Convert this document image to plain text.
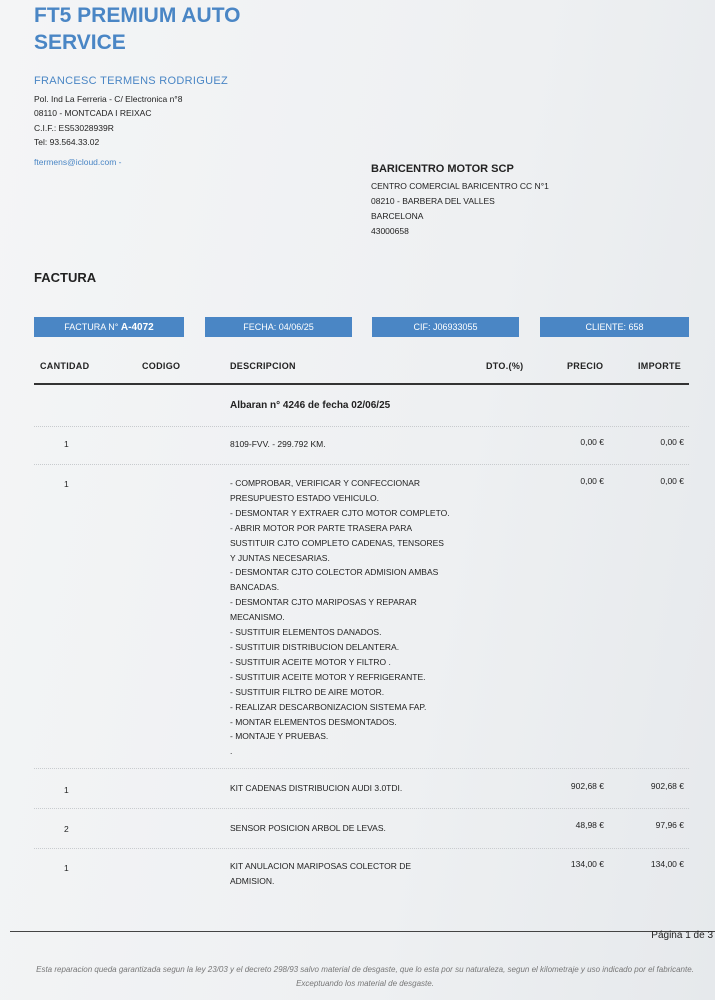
FT5 PREMIUM AUTO SERVICE
FRANCESC TERMENS RODRIGUEZ
Pol. Ind La Ferreria - C/ Electronica n°8
08110 - MONTCADA I REIXAC
C.I.F.: ES53028939R
Tel: 93.564.33.02
ftermens@icloud.com -
BARICENTRO MOTOR SCP
CENTRO COMERCIAL BARICENTRO CC N°1
08210 - BARBERA DEL VALLES
BARCELONA
43000658
FACTURA
FACTURA N° A-4072	FECHA: 04/06/25	CIF: J06933055	CLIENTE: 658
CANTIDAD	CODIGO	DESCRIPCION	DTO.(%)	PRECIO	IMPORTE
Albaran n° 4246 de fecha 02/06/25
1	8109-FVV. - 299.792 KM.	0,00 €	0,00 €
1	- COMPROBAR, VERIFICAR Y CONFECCIONAR
PRESUPUESTO ESTADO VEHICULO.
- DESMONTAR Y EXTRAER CJTO MOTOR COMPLETO.
- ABRIR MOTOR POR PARTE TRASERA PARA
SUSTITUIR CJTO COMPLETO CADENAS, TENSORES
Y JUNTAS NECESARIAS.
- DESMONTAR CJTO COLECTOR ADMISION AMBAS
BANCADAS.
- DESMONTAR CJTO MARIPOSAS Y REPARAR
MECANISMO.
- SUSTITUIR ELEMENTOS DANADOS.
- SUSTITUIR DISTRIBUCION DELANTERA.
- SUSTITUIR ACEITE MOTOR Y FILTRO .
- SUSTITUIR ACEITE MOTOR Y REFRIGERANTE.
- SUSTITUIR FILTRO DE AIRE MOTOR.
- REALIZAR DESCARBONIZACION SISTEMA FAP.
- MONTAR ELEMENTOS DESMONTADOS.
- MONTAJE Y PRUEBAS.
.
0,00 €	0,00 €
1	KIT CADENAS DISTRIBUCION AUDI 3.0TDI.	902,68 €	902,68 €
2	SENSOR POSICION ARBOL DE LEVAS.	48,98 €	97,96 €
1	KIT ANULACION MARIPOSAS COLECTOR DE
ADMISION.
134,00 €	134,00 €
Página 1 de 3
Esta reparacion queda garantizada segun la ley 23/03 y el decreto 298/93 salvo material de desgaste, que lo esta por su naturaleza, segun el kilometraje y uso indicado por el fabricante. Exceptuando los material de desgaste.
